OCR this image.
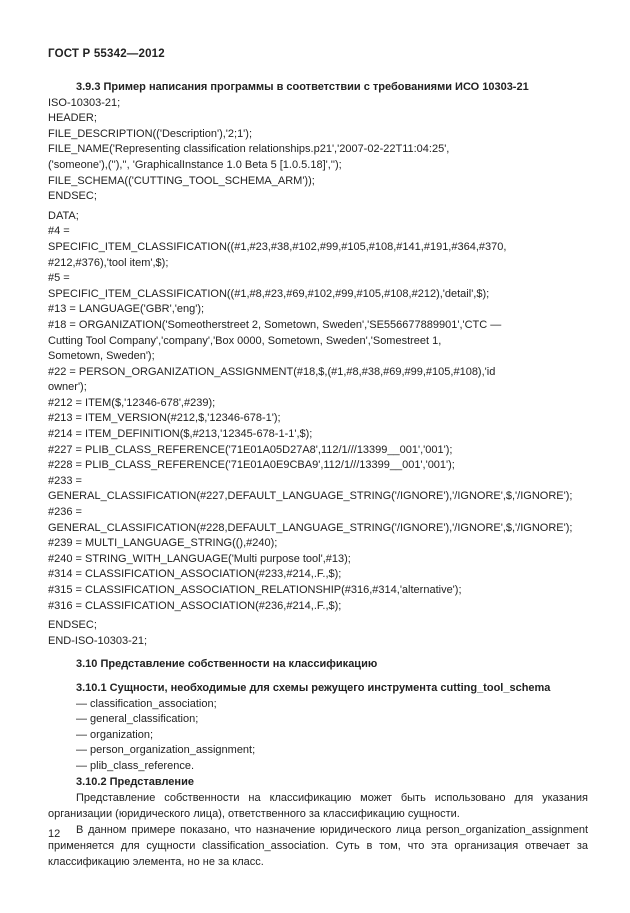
ГОСТ Р 55342—2012
3.9.3 Пример написания программы в соответствии с требованиями ИСО 10303-21
ISO-10303-21;
HEADER;
FILE_DESCRIPTION(('Description'),'2;1');
FILE_NAME('Representing classification relationships.p21','2007-02-22T11:04:25',
('someone'),(''),'', 'GraphicalInstance 1.0 Beta 5 [1.0.5.18]','');
FILE_SCHEMA(('CUTTING_TOOL_SCHEMA_ARM'));
ENDSEC;
DATA;
#4 =
SPECIFIC_ITEM_CLASSIFICATION((#1,#23,#38,#102,#99,#105,#108,#141,#191,#364,#370,
#212,#376),'tool item',$);
#5 =
SPECIFIC_ITEM_CLASSIFICATION((#1,#8,#23,#69,#102,#99,#105,#108,#212),'detail',$);
#13 = LANGUAGE('GBR','eng');
#18 = ORGANIZATION('Someotherstreet 2, Sometown, Sweden','SE556677889901','CTC —
Cutting Tool Company','company','Box 0000, Sometown, Sweden','Somestreet 1,
Sometown, Sweden');
#22 = PERSON_ORGANIZATION_ASSIGNMENT(#18,$,(#1,#8,#38,#69,#99,#105,#108),'id
owner');
#212 = ITEM($,'12346-678',#239);
#213 = ITEM_VERSION(#212,$,'12346-678-1');
#214 = ITEM_DEFINITION($,#213,'12345-678-1-1',$);
#227 = PLIB_CLASS_REFERENCE('71E01A05D27A8',112/1///13399__001','001');
#228 = PLIB_CLASS_REFERENCE('71E01A0E9CBA9',112/1///13399__001','001');
#233 =
GENERAL_CLASSIFICATION(#227,DEFAULT_LANGUAGE_STRING('/IGNORE'),'/IGNORE',$,'/IGNORE');
#236 =
GENERAL_CLASSIFICATION(#228,DEFAULT_LANGUAGE_STRING('/IGNORE'),'/IGNORE',$,'/IGNORE');
#239 = MULTI_LANGUAGE_STRING((),#240);
#240 = STRING_WITH_LANGUAGE('Multi purpose tool',#13);
#314 = CLASSIFICATION_ASSOCIATION(#233,#214,.F.,$);
#315 = CLASSIFICATION_ASSOCIATION_RELATIONSHIP(#316,#314,'alternative');
#316 = CLASSIFICATION_ASSOCIATION(#236,#214,.F.,$);
ENDSEC;
END-ISO-10303-21;
3.10 Представление собственности на классификацию
3.10.1 Сущности, необходимые для схемы режущего инструмента cutting_tool_schema
— classification_association;
— general_classification;
— organization;
— person_organization_assignment;
— plib_class_reference.
3.10.2 Представление
Представление собственности на классификацию может быть использовано для указания организации (юридического лица), ответственного за классификацию сущности.
В данном примере показано, что назначение юридического лица person_organization_assignment применяется для сущности classification_association. Суть в том, что эта организация отвечает за классификацию элемента, но не за класс.
12
